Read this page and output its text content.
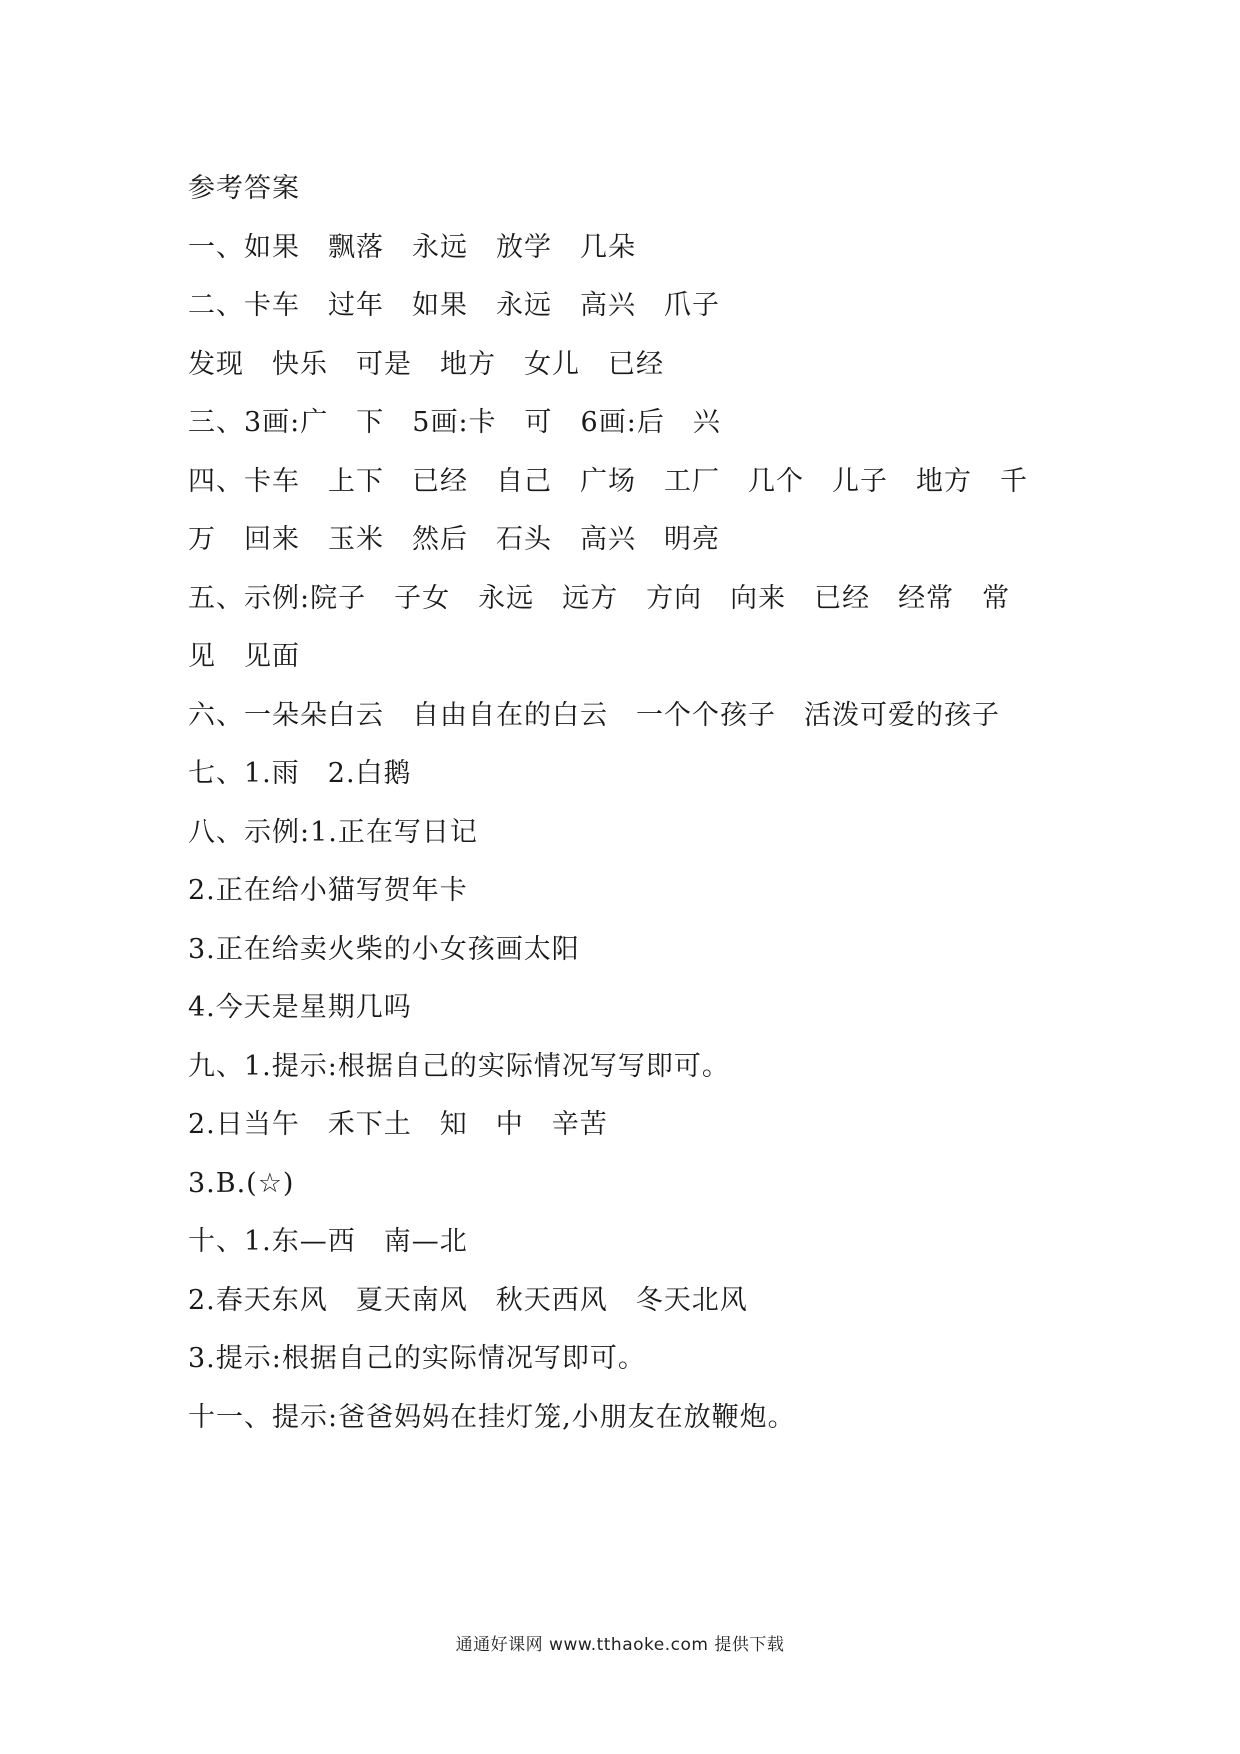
参考答案
一、如果　飘落　永远　放学　几朵
二、卡车　过年　如果　永远　高兴　爪子
发现　快乐　可是　地方　女儿　已经
三、3画:广　下　5画:卡　可　6画:后　兴
四、卡车　上下　已经　自己　广场　工厂　几个　儿子　地方　千
万　回来　玉米　然后　石头　高兴　明亮
五、示例:院子　子女　永远　远方　方向　向来　已经　经常　常
见　见面
六、一朵朵白云　自由自在的白云　一个个孩子　活泼可爱的孩子
七、1.雨　2.白鹅
八、示例:1.正在写日记
2.正在给小猫写贺年卡
3.正在给卖火柴的小女孩画太阳
4.今天是星期几吗
九、1.提示:根据自己的实际情况写写即可。
2.日当午　禾下土　知　中　辛苦
3.B.(☆)
十、1.东—西　南—北
2.春天东风　夏天南风　秋天西风　冬天北风
3.提示:根据自己的实际情况写即可。
十一、提示:爸爸妈妈在挂灯笼,小朋友在放鞭炮。
通通好课网 www.tthaoke.com 提供下载
